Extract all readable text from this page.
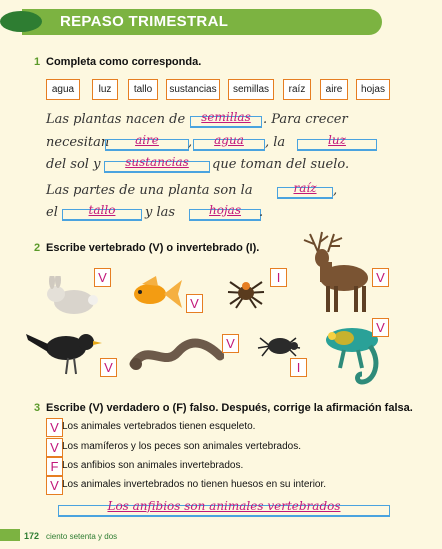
REPASO TRIMESTRAL
1 Completa como corresponda.
agua	luz	tallo	sustancias	semillas	raíz	aire	hojas
Las plantas nacen de	semillas . Para crecer
necesitan	aire	,	agua	, la	luz
del sol y	sustancias	que toman del suelo.
Las partes de una planta son la	raíz	,
el	tallo	y las	hojas	.
2 Escribe vertebrado (V) o invertebrado (I).
V
V
I	V
V
V
I
V
3 Escribe (V) verdadero o (F) falso. Después, corrige la afirmación falsa.
V Los animales vertebrados tienen esqueleto.
V Los mamíferos y los peces son animales vertebrados.
F Los anfibios son animales invertebrados.
V Los animales invertebrados no tienen huesos en su interior.
Los anfibios son animales vertebrados
172 ciento setenta y dos
